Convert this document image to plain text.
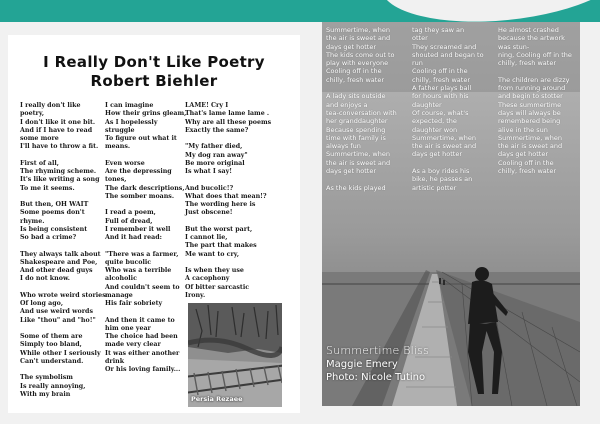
I Really Don't Like Poetry
Robert Biehler
I really don't like
poetry,
I don't like it one bit.
And if I have to read
some more
I'll have to throw a fit.

First of all,
The rhyming scheme.
It's like writing a song
To me it seems.

But then, OH WAIT
Some poems don't
rhyme.
Is being consistent
So bad a crime?

They always talk about
Shakespeare and Poe,
And other dead guys
I do not know.

Who wrote weird stories
Of long ago,
And use weird words
Like "thou" and "ho!"

Some of them are
Simply too bland,
While other I seriously
Can't understand.

The symbolism
Is really annoying,
With my brain
I can imagine
How their grins gleam,
As I hopelessly
struggle
To figure out what it
means.

Even worse
Are the depressing
tones,
The dark descriptions,
The somber moans.

I read a poem,
Full of dread,
I remember it well
And it had read:

"There was a farmer,
quite bucolic
Who was a terrible
alcoholic
And couldn't seem to
manage
His fair sobriety

And then it came to
him one year
The choice had been
made very clear
It was either another
drink
Or his loving family...
LAME! Cry I
That's lame lame lame .
Why are all these poems
Exactly the same?

"My father died,
My dog ran away"
Be more original
Is what I say!

And bucolic!?
What does that mean!?
The wording here is
Just obscene!

But the worst part,
I cannot lie,
The part that makes
Me want to cry,

Is when they use
A cacophony
Of bitter sarcastic
Irony.
Persia Rezaee
Summertime, when
the air is sweet and
days get hotter
The kids come out to
play with everyone
Cooling off in the
chilly, fresh water

A lady sits outside
and enjoys a
tea-conversation with
her granddaughter
Because spending
time with family is
always fun
Summertime, when
the air is sweet and
days get hotter

As the kids played
tag they saw an
otter
They screamed and
shouted and began to
run
Cooling off in the
chilly, fresh water
A father plays ball
for hours with his
daughter
Of course, what's
expected, the
daughter won
Summertime, when
the air is sweet and
days get hotter

As a boy rides his
bike, he passes an
artistic potter
He almost crashed
because the artwork
was stun-
ning, Cooling off in the
chilly, fresh water

The children are dizzy
from running around
and begin to stotter
These summertime
days will always be
remembered being
alive in the sun
Summertime, when
the air is sweet and
days get hotter
Cooling off in the
chilly, fresh water
Summertime Bliss
Maggie Emery
Photo: Nicole Tutino
